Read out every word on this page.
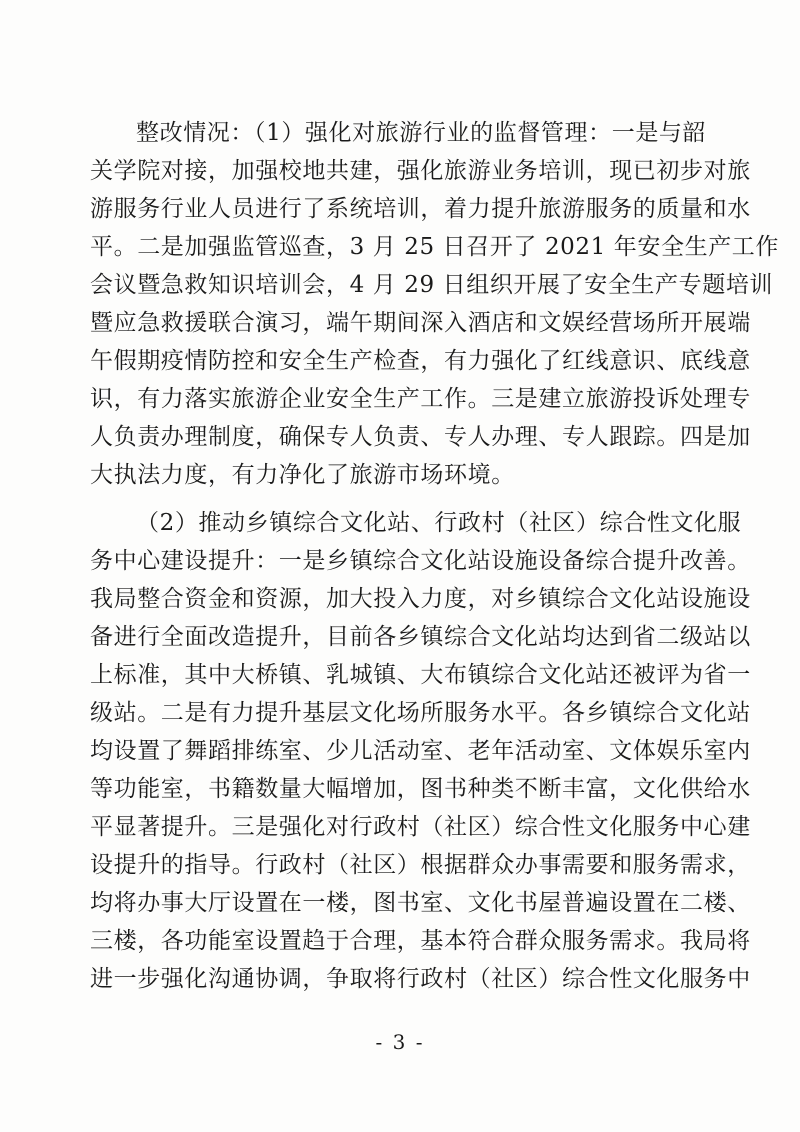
整改情况：（1）强化对旅游行业的监督管理：一是与韶

关学院对接，加强校地共建，强化旅游业务培训，现已初步对旅

游服务行业人员进行了系统培训，着力提升旅游服务的质量和水

平。二是加强监管巡查，3 月 25 日召开了 2021 年安全生产工作

会议暨急救知识培训会，4 月 29 日组织开展了安全生产专题培训

暨应急救援联合演习，端午期间深入酒店和文娱经营场所开展端

午假期疫情防控和安全生产检查，有力强化了红线意识、底线意

识，有力落实旅游企业安全生产工作。三是建立旅游投诉处理专

人负责办理制度，确保专人负责、专人办理、专人跟踪。四是加

大执法力度，有力净化了旅游市场环境。

（2）推动乡镇综合文化站、行政村（社区）综合性文化服

务中心建设提升：一是乡镇综合文化站设施设备综合提升改善。

我局整合资金和资源，加大投入力度，对乡镇综合文化站设施设

备进行全面改造提升，目前各乡镇综合文化站均达到省二级站以

上标准，其中大桥镇、乳城镇、大布镇综合文化站还被评为省一

级站。二是有力提升基层文化场所服务水平。各乡镇综合文化站

均设置了舞蹈排练室、少儿活动室、老年活动室、文体娱乐室内

等功能室，书籍数量大幅增加，图书种类不断丰富，文化供给水

平显著提升。三是强化对行政村（社区）综合性文化服务中心建

设提升的指导。行政村（社区）根据群众办事需要和服务需求，

均将办事大厅设置在一楼，图书室、文化书屋普遍设置在二楼、

三楼，各功能室设置趋于合理，基本符合群众服务需求。我局将

进一步强化沟通协调，争取将行政村（社区）综合性文化服务中

- 3 -
